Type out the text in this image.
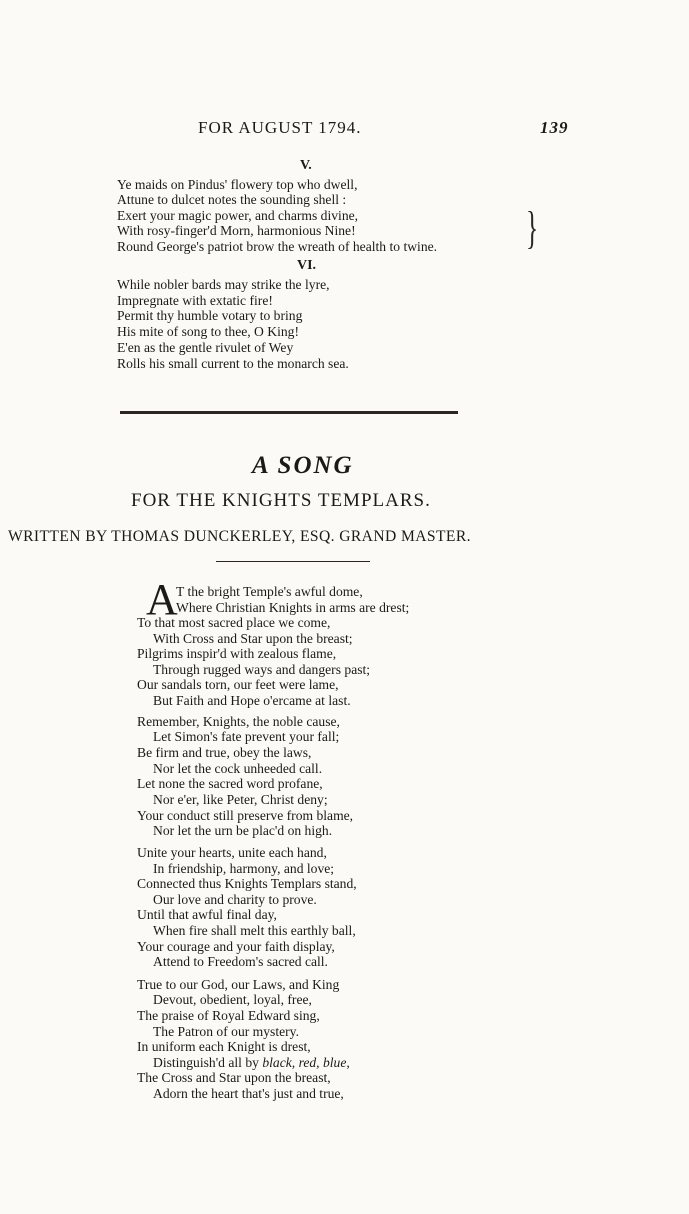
FOR AUGUST 1794.	139
V.
Ye maids on Pindus' flowery top who dwell,
Attune to dulcet notes the sounding shell :
Exert your magic power, and charms divine,
With rosy-finger'd Morn, harmonious Nine!
Round George's patriot brow the wreath of health to twine. }
VI.
While nobler bards may strike the lyre,
Impregnate with extatic fire!
Permit thy humble votary to bring
His mite of song to thee, O King!
E'en as the gentle rivulet of Wey
Rolls his small current to the monarch sea.
A SONG
FOR THE KNIGHTS TEMPLARS.
WRITTEN BY THOMAS DUNCKERLEY, ESQ. GRAND MASTER.
A
T the bright Temple's awful dome,
Where Christian Knights in arms are drest;
To that most sacred place we come,
With Cross and Star upon the breast;
Pilgrims inspir'd with zealous flame,
Through rugged ways and dangers past;
Our sandals torn, our feet were lame,
But Faith and Hope o'ercame at last.
Remember, Knights, the noble cause,
Let Simon's fate prevent your fall;
Be firm and true, obey the laws,
Nor let the cock unheeded call.
Let none the sacred word profane,
Nor e'er, like Peter, Christ deny;
Your conduct still preserve from blame,
Nor let the urn be plac'd on high.
Unite your hearts, unite each hand,
In friendship, harmony, and love;
Connected thus Knights Templars stand,
Our love and charity to prove.
Until that awful final day,
When fire shall melt this earthly ball,
Your courage and your faith display,
Attend to Freedom's sacred call.
True to our God, our Laws, and King
Devout, obedient, loyal, free,
The praise of Royal Edward sing,
The Patron of our mystery.
In uniform each Knight is drest,
Distinguish'd all by black, red, blue,
The Cross and Star upon the breast,
Adorn the heart that's just and true,
